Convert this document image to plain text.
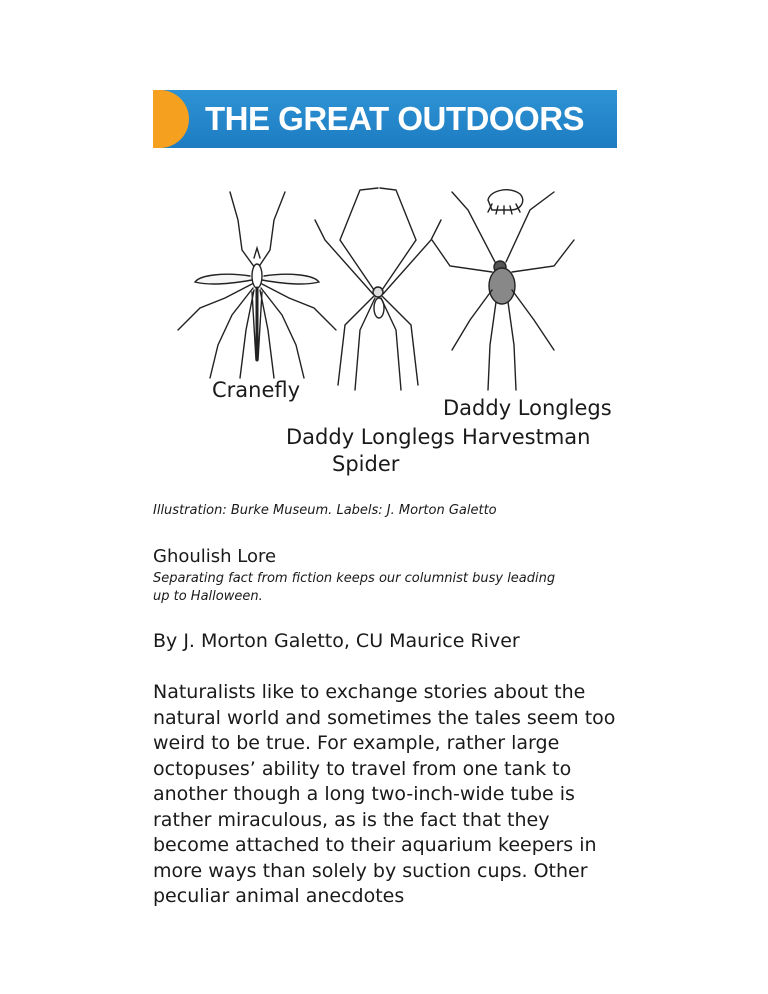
THE GREAT OUTDOORS
Cranefly
Daddy Longlegs
Daddy Longlegs Harvestman
Spider
Illustration: Burke Museum. Labels: J. Morton Galetto
Ghoulish Lore
Separating fact from fiction keeps our columnist busy leading up to Halloween.
By J. Morton Galetto, CU Maurice River

Naturalists like to exchange stories about the natural world and sometimes the tales seem too weird to be true. For example, rather large octopuses’ ability to travel from one tank to another though a long two-inch-wide tube is rather miraculous, as is the fact that they become attached to their aquarium keepers in more ways than solely by suction cups. Other peculiar animal anecdotes
